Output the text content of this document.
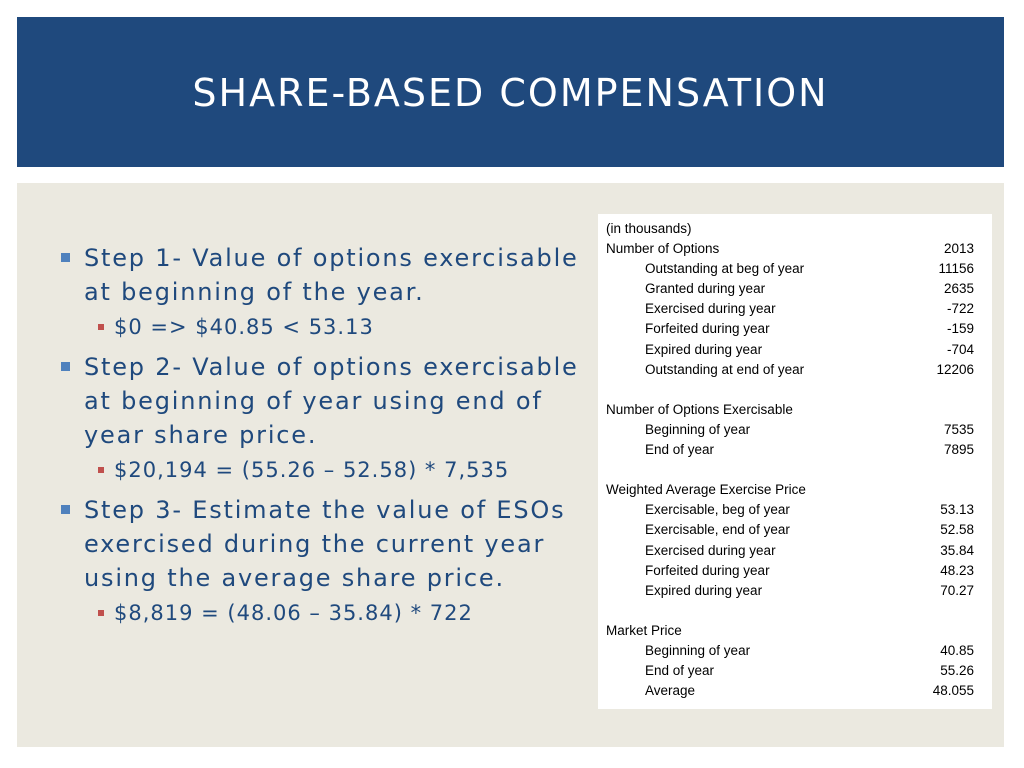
SHARE-BASED COMPENSATION
Step 1- Value of options exercisable at beginning of the year.
$0 => $40.85 < 53.13
Step 2- Value of options exercisable at beginning of year using end of year share price.
$20,194 = (55.26 – 52.58) * 7,535
Step 3- Estimate the value of ESOs exercised during the current year using the average share price.
$8,819 = (48.06 – 35.84) * 722
(in thousands)
Number of Options	2013
Outstanding at beg of year	11156
Granted during year	2635
Exercised during year	-722
Forfeited during year	-159
Expired during year	-704
Outstanding at end of year	12206
Number of Options Exercisable
Beginning of year	7535
End of year	7895
Weighted Average Exercise Price
Exercisable, beg of year	53.13
Exercisable, end of year	52.58
Exercised during year	35.84
Forfeited during year	48.23
Expired during year	70.27
Market Price
Beginning of year	40.85
End of year	55.26
Average	48.055
